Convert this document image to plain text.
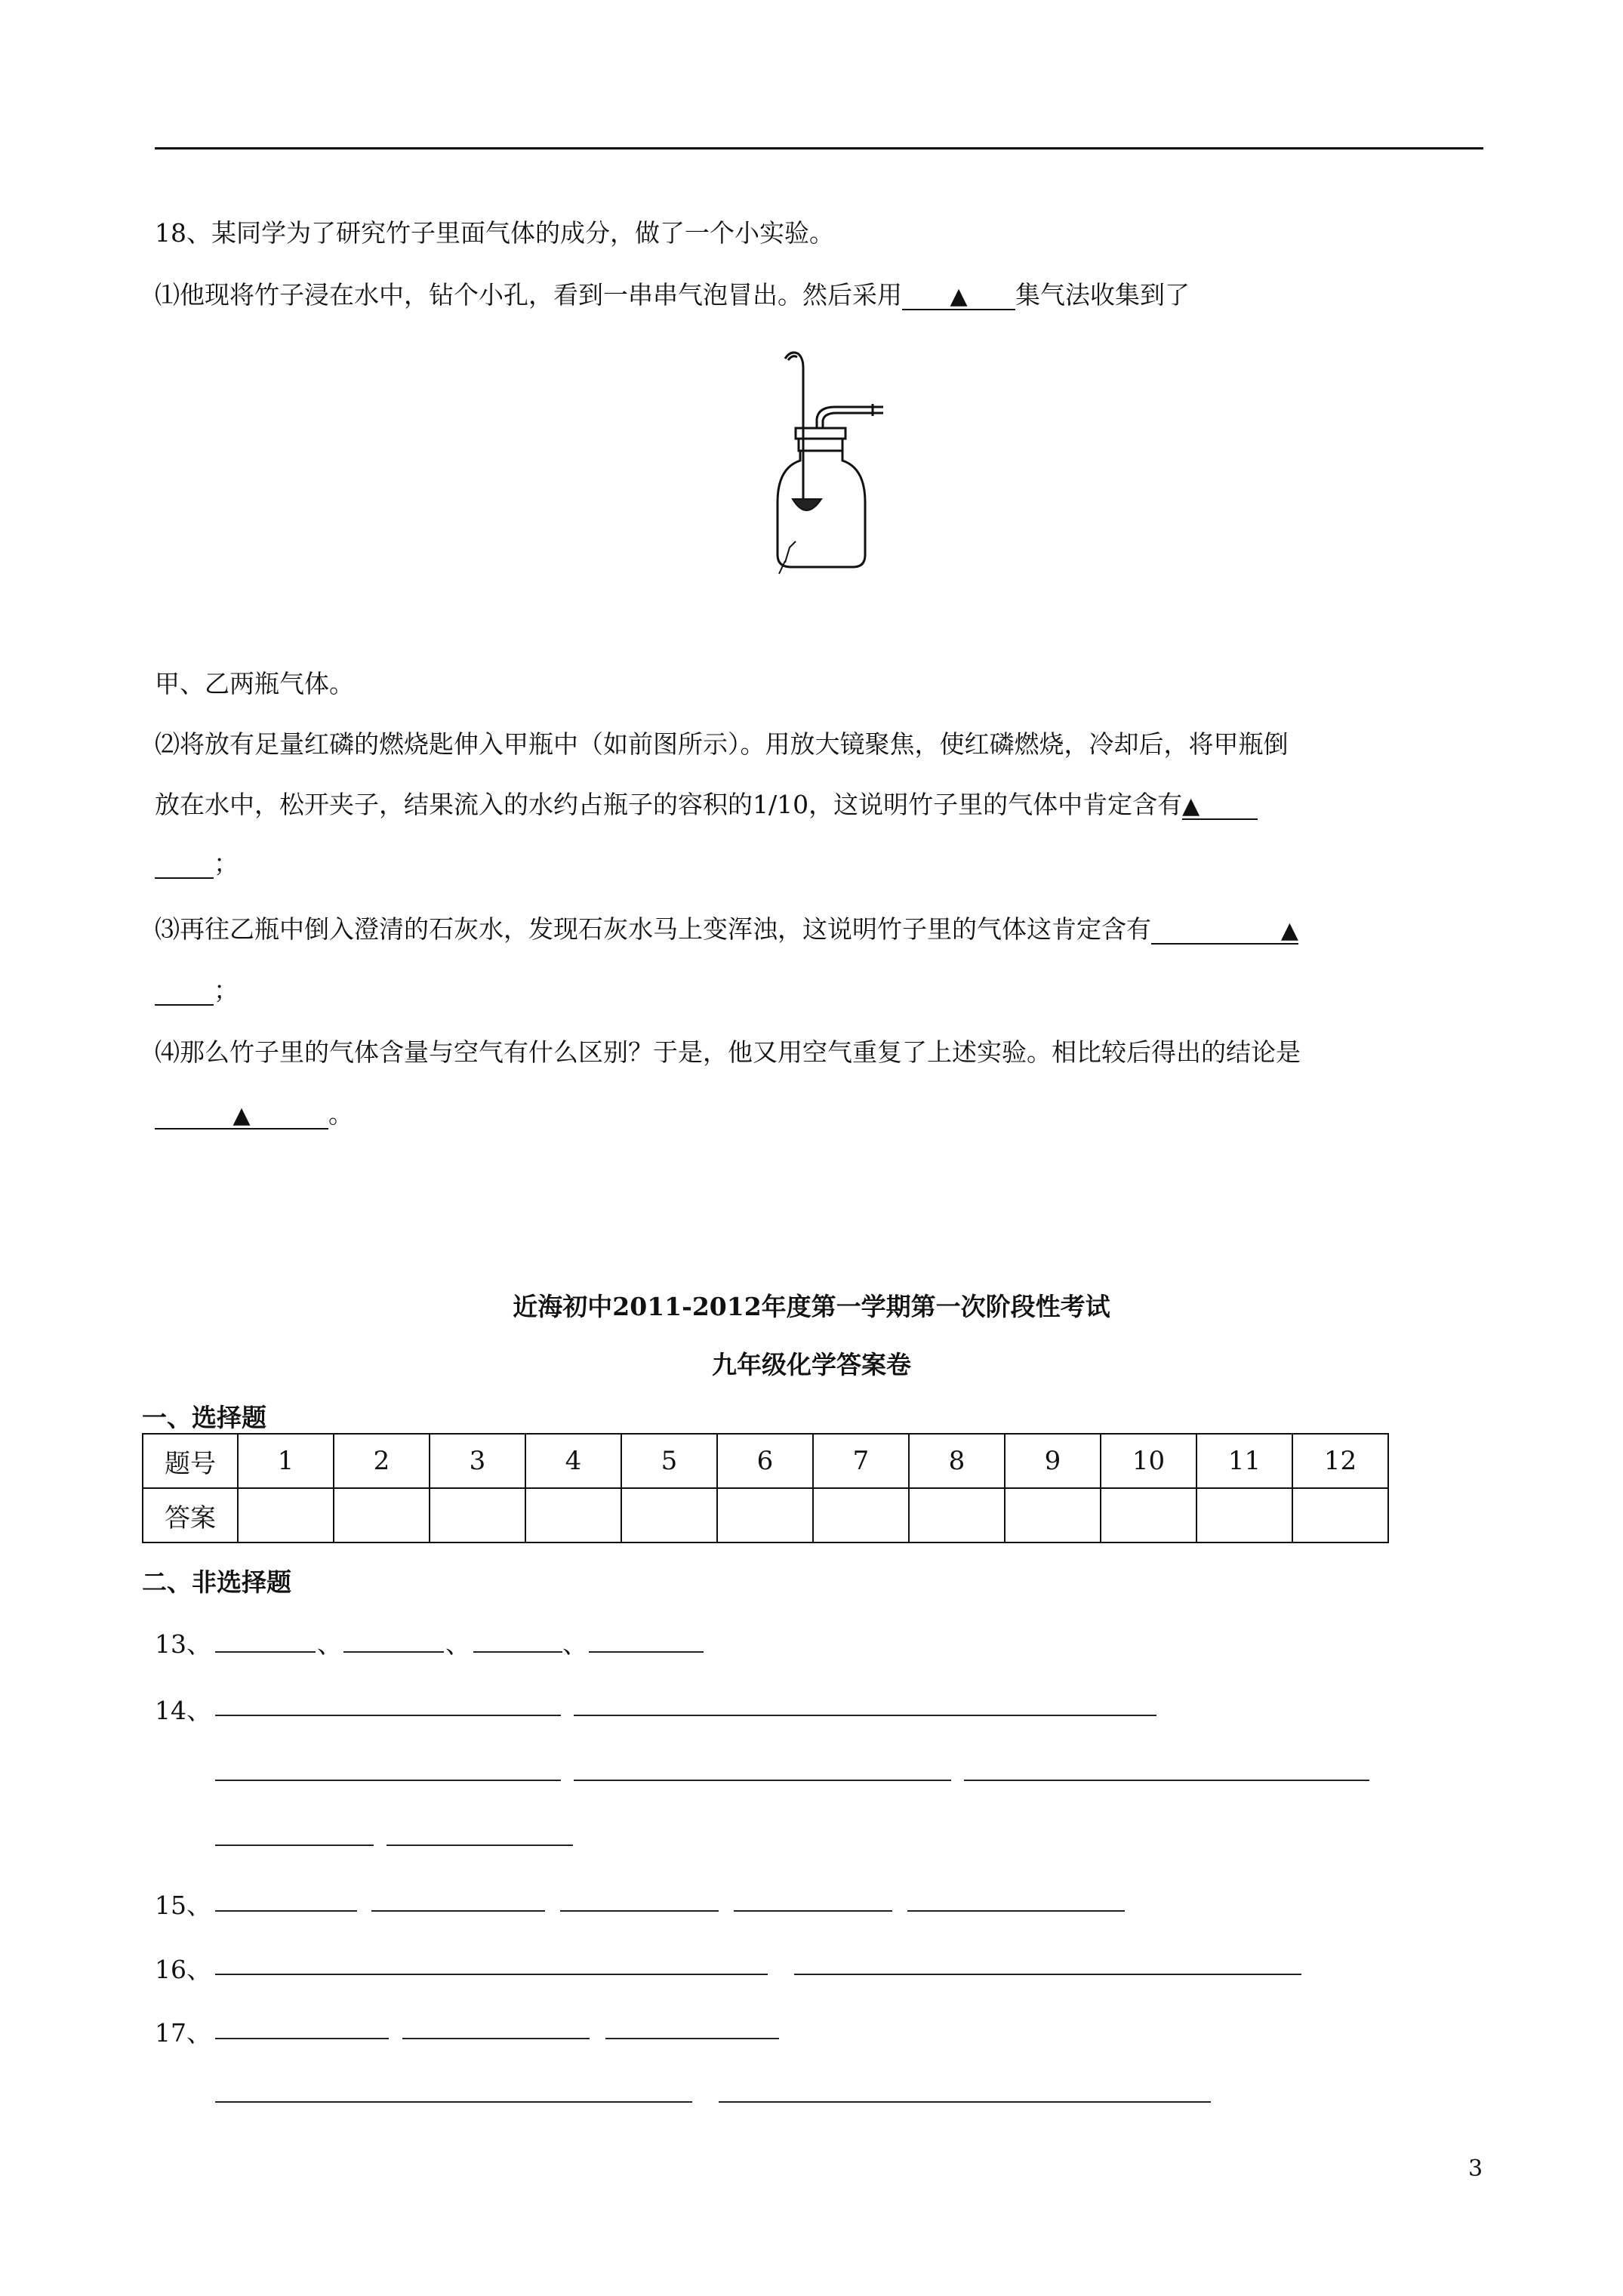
18、某同学为了研究竹子里面气体的成分，做了一个小实验。
⑴他现将竹子浸在水中，钻个小孔，看到一串串气泡冒出。然后采用 ▲ 集气法收集到了
甲、乙两瓶气体。
⑵将放有足量红磷的燃烧匙伸入甲瓶中（如前图所示）。用放大镜聚焦，使红磷燃烧，冷却后，将甲瓶倒
放在水中，松开夹子，结果流入的水约占瓶子的容积的1/10，这说明竹子里的气体中肯定含有▲
；
⑶再往乙瓶中倒入澄清的石灰水，发现石灰水马上变浑浊，这说明竹子里的气体这肯定含有	▲
；
⑷那么竹子里的气体含量与空气有什么区别？于是，他又用空气重复了上述实验。相比较后得出的结论是
▲	。
近海初中2011-2012年度第一学期第一次阶段性考试
九年级化学答案卷
一、选择题
题号	1	2	3	4	5	6	7	8	9	10	11	12
答案												
二、非选择题
13、	、	、	、
14、
15、
16、
17、
3
